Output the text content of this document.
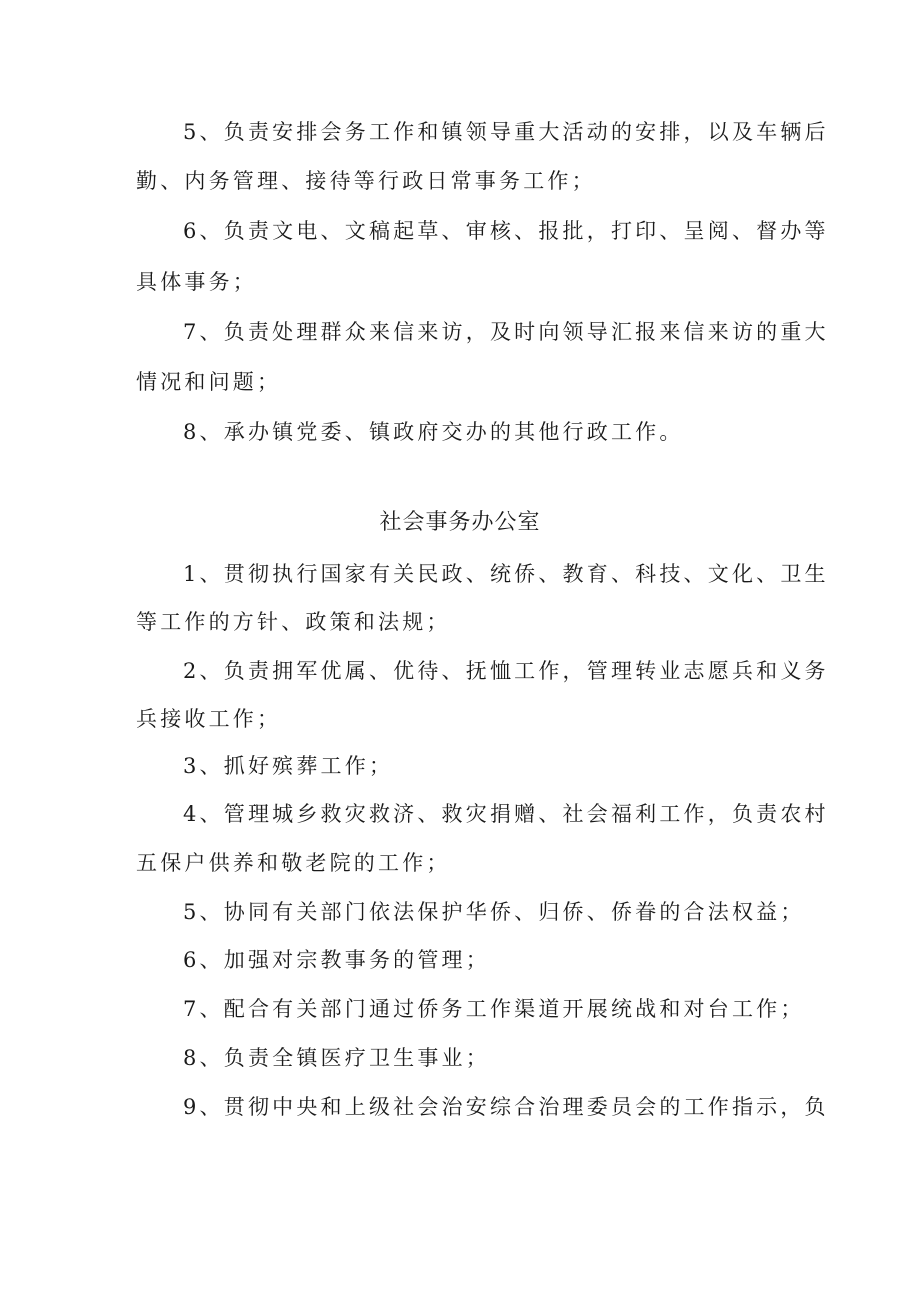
5、负责安排会务工作和镇领导重大活动的安排，以及车辆后
勤、内务管理、接待等行政日常事务工作；
6、负责文电、文稿起草、审核、报批，打印、呈阅、督办等
具体事务；
7、负责处理群众来信来访，及时向领导汇报来信来访的重大
情况和问题；
8、承办镇党委、镇政府交办的其他行政工作。
社会事务办公室
1、贯彻执行国家有关民政、统侨、教育、科技、文化、卫生
等工作的方针、政策和法规；
2、负责拥军优属、优待、抚恤工作，管理转业志愿兵和义务
兵接收工作；
3、抓好殡葬工作；
4、管理城乡救灾救济、救灾捐赠、社会福利工作，负责农村
五保户供养和敬老院的工作；
5、协同有关部门依法保护华侨、归侨、侨眷的合法权益；
6、加强对宗教事务的管理；
7、配合有关部门通过侨务工作渠道开展统战和对台工作；
8、负责全镇医疗卫生事业；
9、贯彻中央和上级社会治安综合治理委员会的工作指示，负
